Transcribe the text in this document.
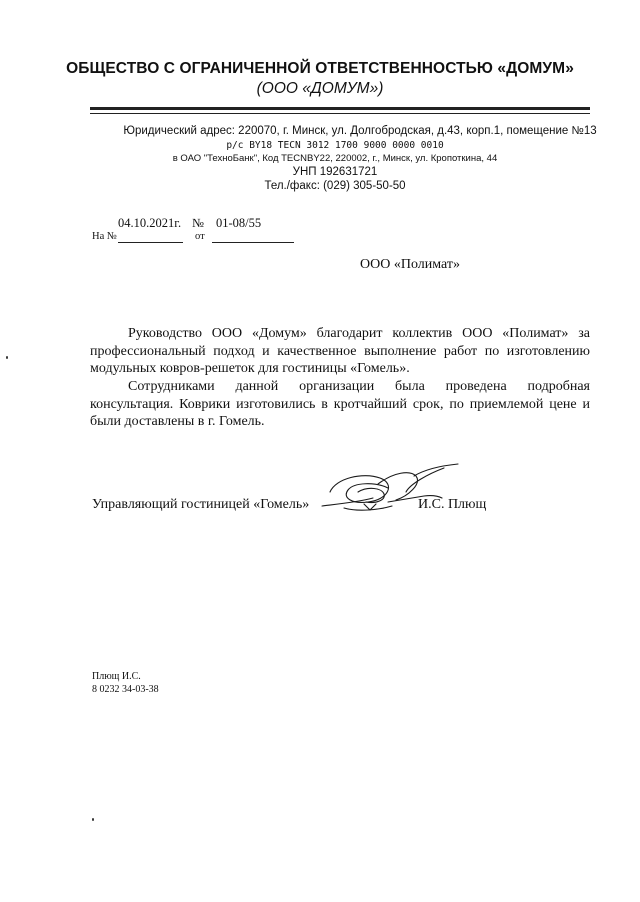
ОБЩЕСТВО С ОГРАНИЧЕННОЙ ОТВЕТСТВЕННОСТЬЮ «ДОМУМ»
(ООО «ДОМУМ»)
Юридический адрес: 220070, г. Минск, ул. Долгобродская, д.43, корп.1, помещение №13
р/с BY18 TECN 3012 1700 9000 0000 0010
в ОАО "ТехноБанк", Код TECNBY22, 220002, г., Минск, ул. Кропоткина, 44
УНП 192631721
Тел./факс: (029) 305-50-50
04.10.2021г. № 01-08/55
На №	от
ООО «Полимат»

Руководство ООО «Домум» благодарит коллектив ООО «Полимат» за профессиональный подход и качественное выполнение работ по изготовлению модульных ковров-решеток для гостиницы «Гомель».

Сотрудниками данной организации была проведена подробная консультация. Коврики изготовились в кротчайший срок, по приемлемой цене и были доставлены в г. Гомель.

Управляющий гостиницей «Гомель»	И.С. Плющ
Плющ И.С.
8 0232 34-03-38
